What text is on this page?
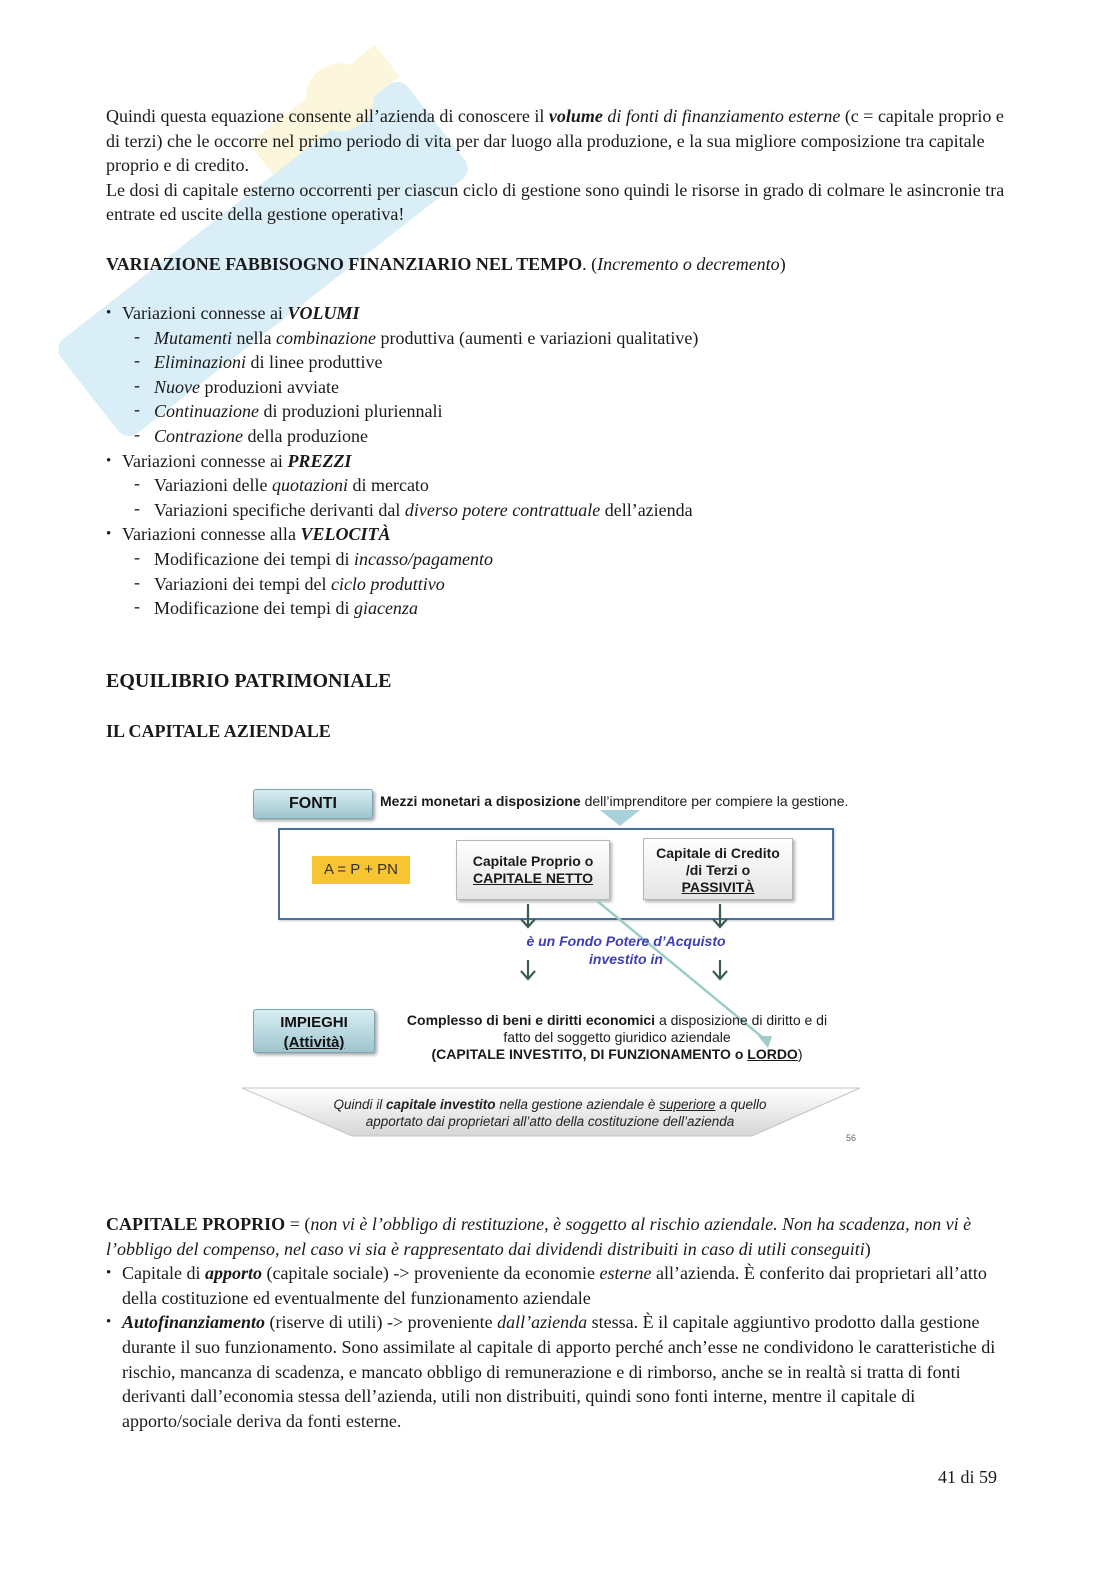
Quindi questa equazione consente all’azienda di conoscere il volume di fonti di finanziamento esterne (c = capitale proprio e di terzi) che le occorre nel primo periodo di vita per dar luogo alla produzione, e la sua migliore composizione tra capitale proprio e di credito.

Le dosi di capitale esterno occorrenti per ciascun ciclo di gestione sono quindi le risorse in grado di colmare le asincronie tra entrate ed uscite della gestione operativa!

VARIAZIONE FABBISOGNO FINANZIARIO NEL TEMPO. (Incremento o decremento)

• Variazioni connesse ai VOLUMI
- Mutamenti nella combinazione produttiva (aumenti e variazioni qualitative)
- Eliminazioni di linee produttive
- Nuove produzioni avviate
- Continuazione di produzioni pluriennali
- Contrazione della produzione
• Variazioni connesse ai PREZZI
- Variazioni delle quotazioni di mercato
- Variazioni specifiche derivanti dal diverso potere contrattuale dell’azienda
• Variazioni connesse alla VELOCITÀ
- Modificazione dei tempi di incasso/pagamento
- Variazioni dei tempi del ciclo produttivo
- Modificazione dei tempi di giacenza
EQUILIBRIO PATRIMONIALE
IL CAPITALE AZIENDALE
FONTI	Mezzi monetari a disposizione dell’imprenditore per compiere la gestione.
A = P + PN	Capitale Proprio o
CAPITALE NETTO
Capitale di Credito
/di Terzi o
PASSIVITÀ
è un Fondo Potere d’Acquisto
investito in
IMPIEGHI
(Attività)
Complesso di beni e diritti economici a disposizione di diritto e di
fatto del soggetto giuridico aziendale
(CAPITALE INVESTITO, DI FUNZIONAMENTO o LORDO)
Quindi il capitale investito nella gestione aziendale è superiore a quello
apportato dai proprietari all’atto della costituzione dell’azienda
56

CAPITALE PROPRIO = (non vi è l’obbligo di restituzione, è soggetto al rischio aziendale. Non ha scadenza, non vi è l’obbligo del compenso, nel caso vi sia è rappresentato dai dividendi distribuiti in caso di utili conseguiti)

• Capitale di apporto (capitale sociale) -> proveniente da economie esterne all’azienda. È conferito dai proprietari all’atto della costituzione ed eventualmente del funzionamento aziendale
• Autofinanziamento (riserve di utili) -> proveniente dall’azienda stessa. È il capitale aggiuntivo prodotto dalla gestione durante il suo funzionamento. Sono assimilate al capitale di apporto perché anch’esse ne condividono le caratteristiche di rischio, mancanza di scadenza, e mancato obbligo di remunerazione e di rimborso, anche se in realtà si tratta di fonti derivanti dall’economia stessa dell’azienda, utili non distribuiti, quindi sono fonti interne, mentre il capitale di apporto/sociale deriva da fonti esterne.
41 di 59
